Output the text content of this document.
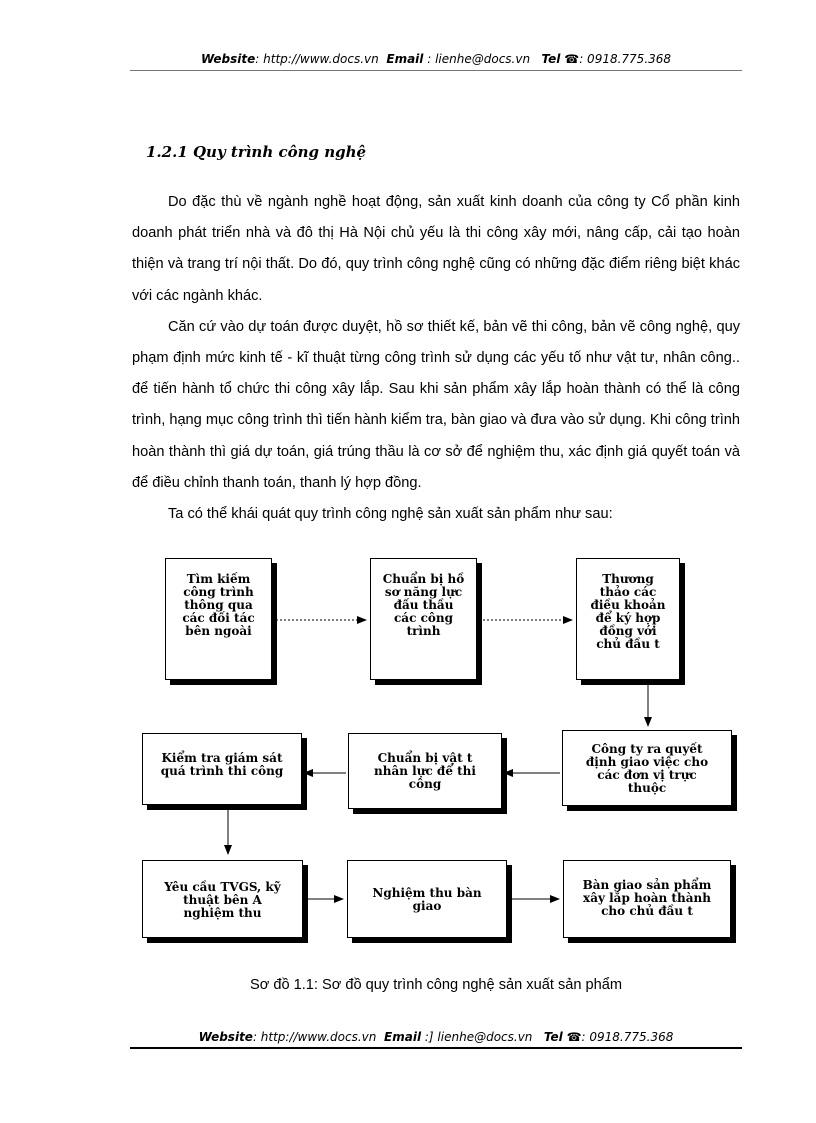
Website: http://www.docs.vn Email : lienhe@docs.vn Tel ☎: 0918.775.368
1.2.1 Quy trình công nghệ

Do đặc thù về ngành nghề hoạt động, sản xuất kinh doanh của công ty Cổ phần kinh doanh phát triển nhà và đô thị Hà Nội chủ yếu là thi công xây mới, nâng cấp, cải tạo hoàn thiện và trang trí nội thất. Do đó, quy trình công nghệ cũng có những đặc điểm riêng biệt khác với các ngành khác.

Căn cứ vào dự toán được duyệt, hồ sơ thiết kế, bản vẽ thi công, bản vẽ công nghệ, quy phạm định mức kinh tế - kĩ thuật từng công trình sử dụng các yếu tố như vật tư, nhân công.. để tiến hành tổ chức thi công xây lắp. Sau khi sản phẩm xây lắp hoàn thành có thể là công trình, hạng mục công trình thì tiến hành kiểm tra, bàn giao và đưa vào sử dụng. Khi công trình hoàn thành thì giá dự toán, giá trúng thầu là cơ sở để nghiệm thu, xác định giá quyết toán và để điều chỉnh thanh toán, thanh lý hợp đồng.

Ta có thể khái quát quy trình công nghệ sản xuất sản phẩm như sau:

Tìm kiếm công trình thông qua các đối tác bên ngoài
Chuẩn bị hồ sơ năng lực đấu thầu các công trình
Thương thảo các điều khoản để ký hợp đồng với chủ đầu t
Công ty ra quyết định giao việc cho các đơn vị trực thuộc
Chuẩn bị vật t nhân lực để thi công
Kiểm tra giám sát quá trình thi công
Yêu cầu TVGS, kỹ thuật bên A nghiệm thu
Nghiệm thu bàn giao
Bàn giao sản phẩm xây lắp hoàn thành cho chủ đầu t
Sơ đồ 1.1: Sơ đồ quy trình công nghệ sản xuất sản phẩm
Website: http://www.docs.vn Email :] lienhe@docs.vn Tel ☎: 0918.775.368
